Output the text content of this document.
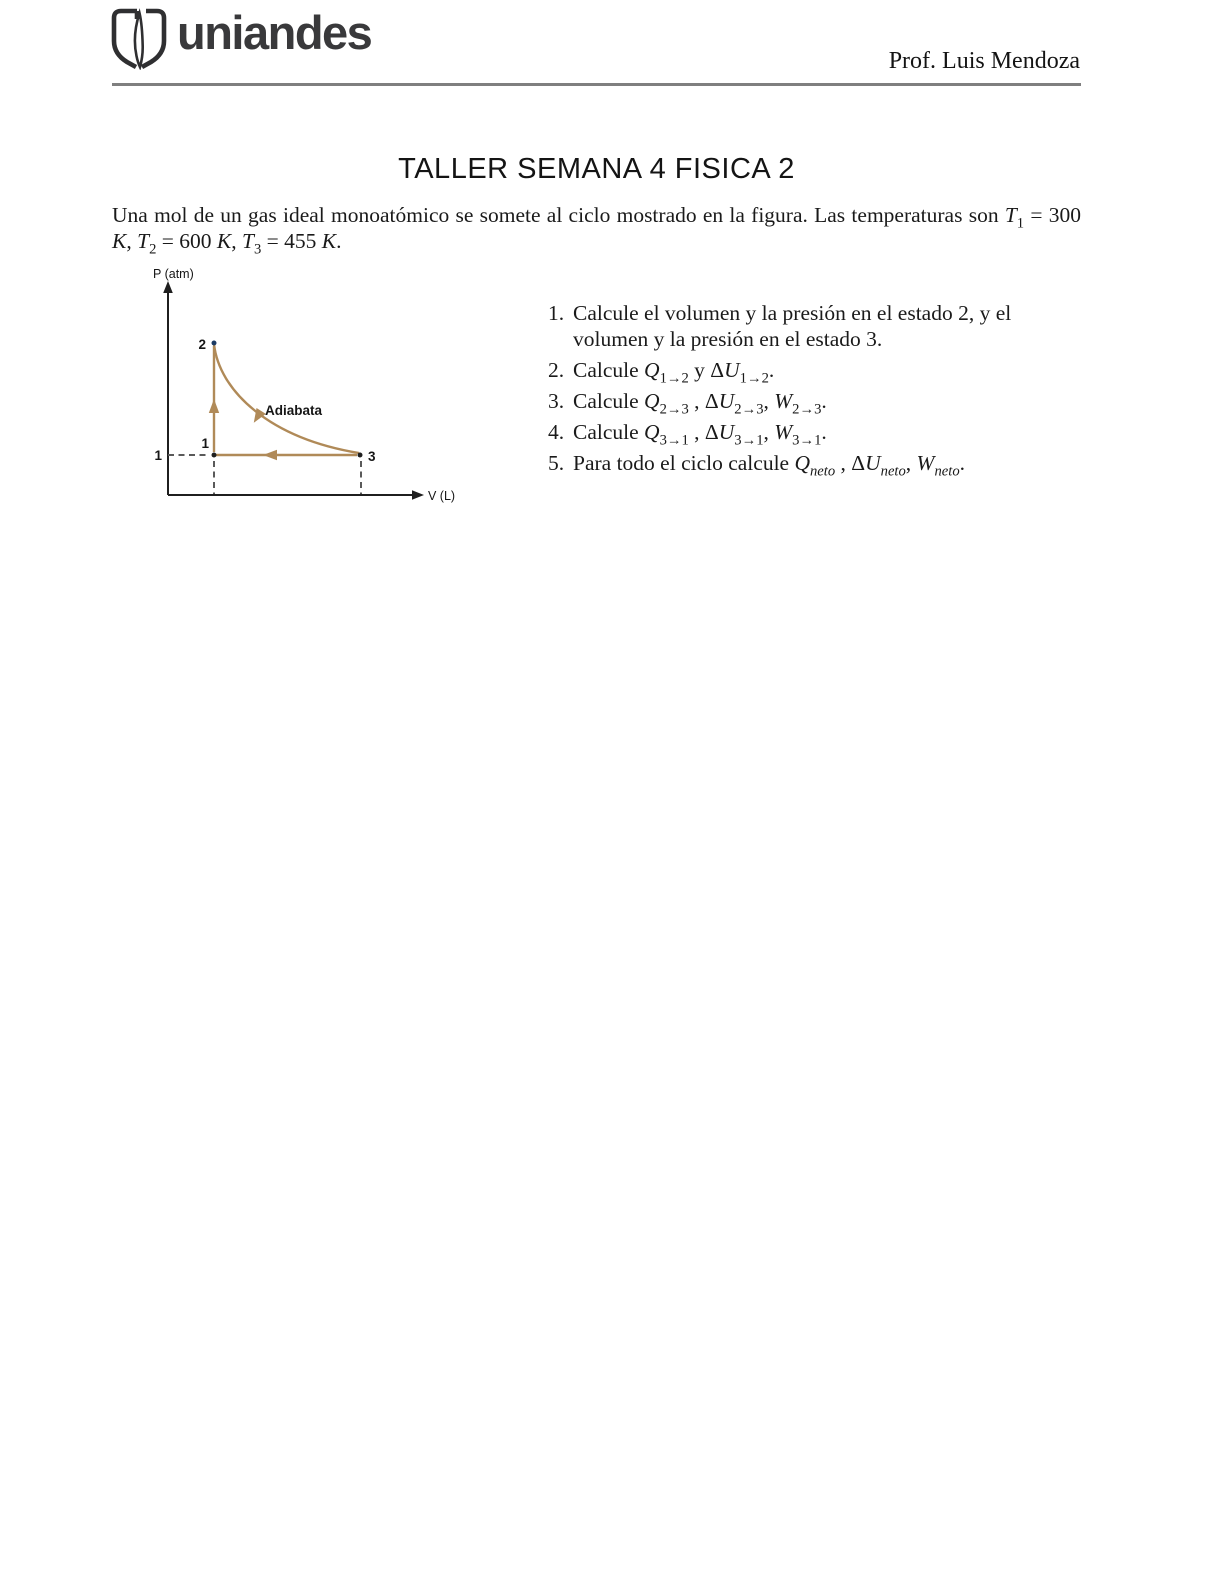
uniandes
Prof. Luis Mendoza
TALLER SEMANA 4 FISICA 2

Una mol de un gas ideal monoatómico se somete al ciclo mostrado en la figura. Las temperaturas son $T_1 = 300$ K, $T_2 = 600$ K, $T_3 = 455$ K.

P (atm)
V (L)
1
1
2
3
Adiabata
1. Calcule el volumen y la presión en el estado 2, y el volumen y la presión en el estado 3.
2. Calcule $Q_{1\to 2}$ y $\Delta U_{1\to 2}$.
3. Calcule $Q_{2\to 3}$ , $\Delta U_{2\to 3}$, $W_{2\to 3}$.
4. Calcule $Q_{3\to 1}$ , $\Delta U_{3\to 1}$, $W_{3\to 1}$.
5. Para todo el ciclo calcule $Q_{neto}$ , $\Delta U_{neto}$, $W_{neto}$.
